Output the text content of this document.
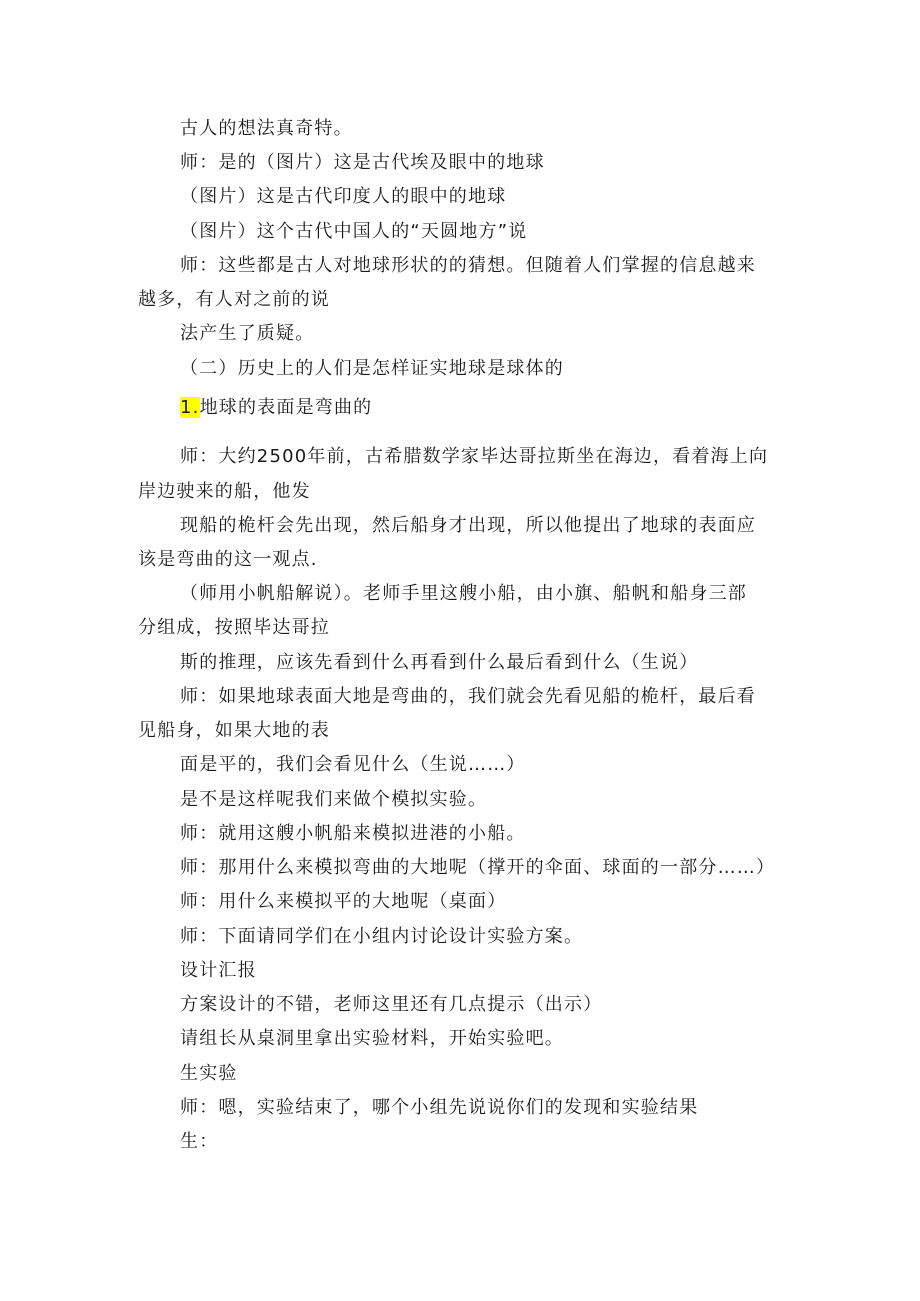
古人的想法真奇特。
师：是的（图片）这是古代埃及眼中的地球
（图片）这是古代印度人的眼中的地球
（图片）这个古代中国人的“天圆地方”说
师：这些都是古人对地球形状的的猜想。但随着人们掌握的信息越来
越多，有人对之前的说
法产生了质疑。
（二）历史上的人们是怎样证实地球是球体的
1.地球的表面是弯曲的
师：大约2500年前，古希腊数学家毕达哥拉斯坐在海边，看着海上向
岸边驶来的船，他发
现船的桅杆会先出现，然后船身才出现，所以他提出了地球的表面应
该是弯曲的这一观点.
（师用小帆船解说）。老师手里这艘小船，由小旗、船帆和船身三部
分组成，按照毕达哥拉
斯的推理，应该先看到什么再看到什么最后看到什么（生说）
师：如果地球表面大地是弯曲的，我们就会先看见船的桅杆，最后看
见船身，如果大地的表
面是平的，我们会看见什么（生说……）
是不是这样呢我们来做个模拟实验。
师：就用这艘小帆船来模拟进港的小船。
师：那用什么来模拟弯曲的大地呢（撑开的伞面、球面的一部分……）
师：用什么来模拟平的大地呢（桌面）
师：下面请同学们在小组内讨论设计实验方案。
设计汇报
方案设计的不错，老师这里还有几点提示（出示）
请组长从桌洞里拿出实验材料，开始实验吧。
生实验
师：嗯，实验结束了，哪个小组先说说你们的发现和实验结果
生：
